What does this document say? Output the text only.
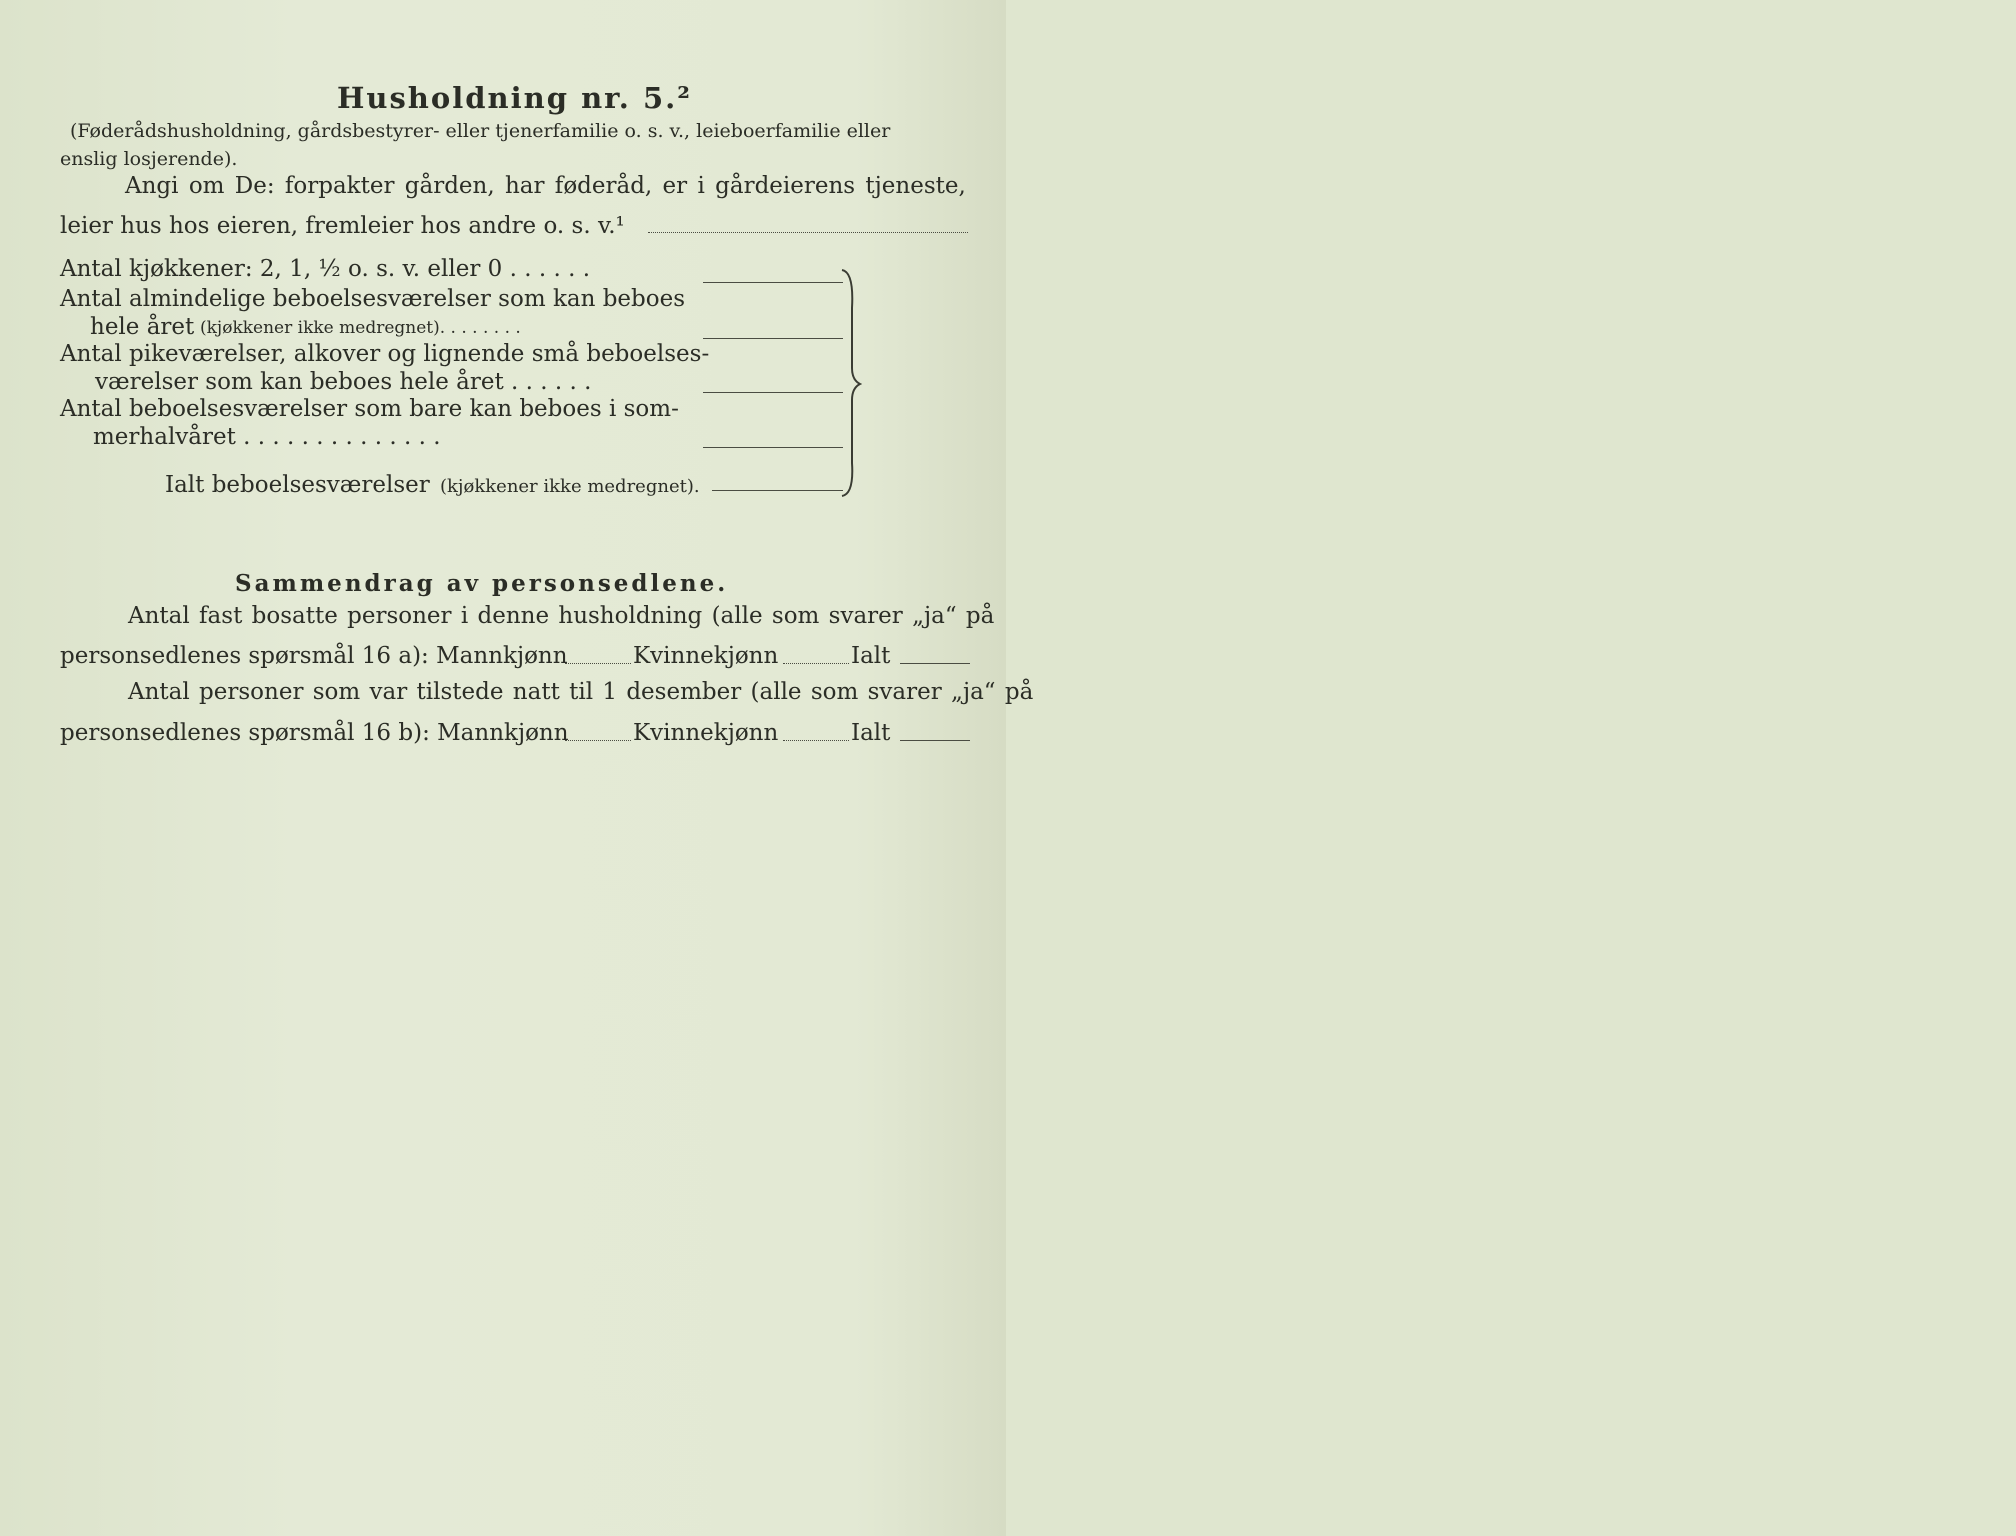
Husholdning nr. 5.²
(Føderådshusholdning, gårdsbestyrer- eller tjenerfamilie o. s. v., leieboerfamilie eller
enslig losjerende).
Angi om De: forpakter gården, har føderåd, er i gårdeierens tjeneste,
leier hus hos eieren, fremleier hos andre o. s. v.¹
Antal kjøkkener: 2, 1, ½ o. s. v. eller 0 . . . . . .
Antal almindelige beboelsesværelser som kan beboes
hele året (kjøkkener ikke medregnet). . . . . . . .
Antal pikeværelser, alkover og lignende små beboelses-
værelser som kan beboes hele året . . . . . .
Antal beboelsesværelser som bare kan beboes i som-
merhalvåret . . . . . . . . . . . . . .
Ialt beboelsesværelser (kjøkkener ikke medregnet).
Sammendrag av personsedlene.
Antal fast bosatte personer i denne husholdning (alle som svarer „ja“ på
personsedlenes spørsmål 16 a): Mannkjønn	Kvinnekjønn	Ialt
Antal personer som var tilstede natt til 1 desember (alle som svarer „ja“ på
personsedlenes spørsmål 16 b): Mannkjønn	Kvinnekjønn	Ialt
